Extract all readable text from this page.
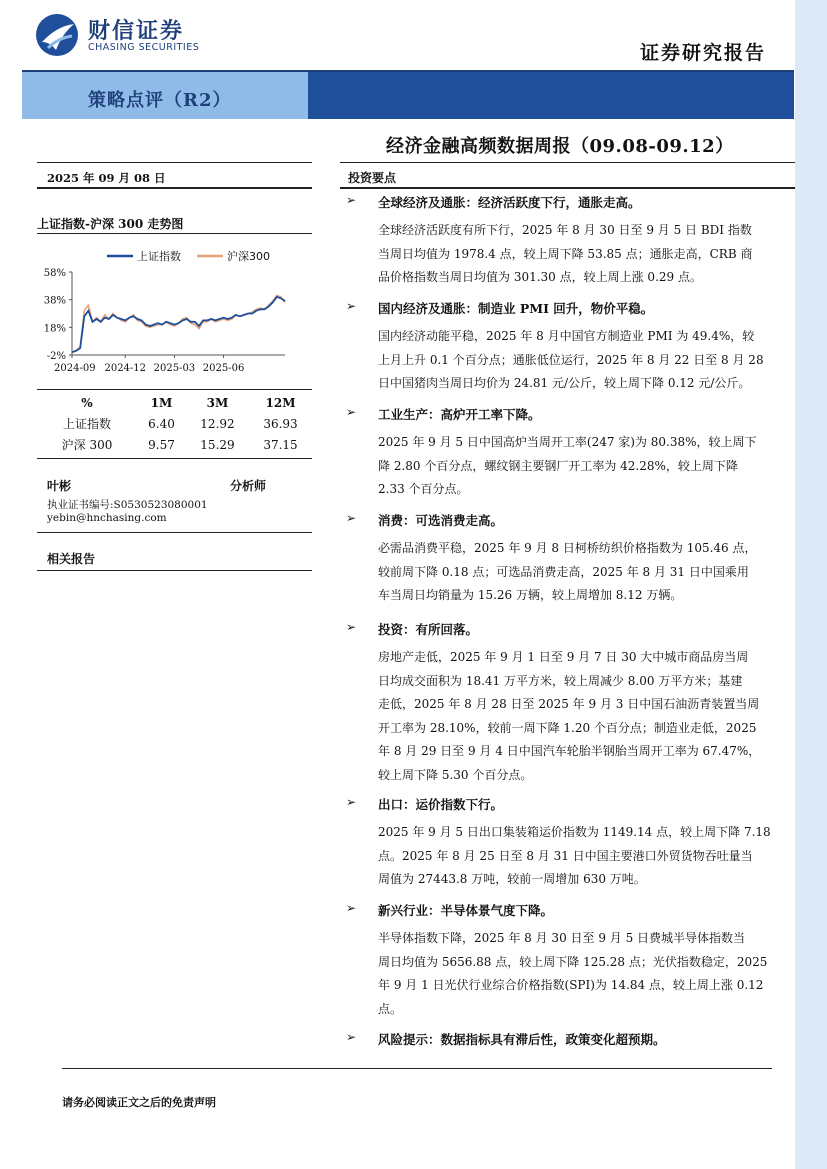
财信证券
CHASING SECURITIES	证券研究报告
策略点评（R2）
经济金融高频数据周报（09.08-09.12）
2025 年 09 月 08 日
上证指数-沪深 300 走势图
58%
38%
18%
-2%
2024-09 2024-12 2025-03 2025-06
上证指数	沪深300
%	1M	3M	12M
上证指数	6.40	12.92	36.93
沪深 300	9.57	15.29	37.15
叶彬	分析师
执业证书编号:S0530523080001
yebin@hnchasing.com
相关报告
投资要点
➢ 全球经济及通胀：经济活跃度下行，通胀走高。
全球经济活跃度有所下行，2025 年 8 月 30 日至 9 月 5 日 BDI 指数
当周日均值为 1978.4 点，较上周下降 53.85 点；通胀走高，CRB 商
品价格指数当周日均值为 301.30 点，较上周上涨 0.29 点。
➢ 国内经济及通胀：制造业 PMI 回升，物价平稳。
国内经济动能平稳，2025 年 8 月中国官方制造业 PMI 为 49.4%，较
上月上升 0.1 个百分点；通胀低位运行，2025 年 8 月 22 日至 8 月 28
日中国猪肉当周日均价为 24.81 元/公斤，较上周下降 0.12 元/公斤。
➢ 工业生产：高炉开工率下降。
2025 年 9 月 5 日中国高炉当周开工率(247 家)为 80.38%，较上周下
降 2.80 个百分点，螺纹钢主要钢厂开工率为 42.28%，较上周下降
2.33 个百分点。
➢ 消费：可选消费走高。
必需品消费平稳，2025 年 9 月 8 日柯桥纺织价格指数为 105.46 点，
较前周下降 0.18 点；可选品消费走高，2025 年 8 月 31 日中国乘用
车当周日均销量为 15.26 万辆，较上周增加 8.12 万辆。
➢ 投资：有所回落。
房地产走低，2025 年 9 月 1 日至 9 月 7 日 30 大中城市商品房当周
日均成交面积为 18.41 万平方米，较上周减少 8.00 万平方米；基建
走低，2025 年 8 月 28 日至 2025 年 9 月 3 日中国石油沥青装置当周
开工率为 28.10%，较前一周下降 1.20 个百分点；制造业走低，2025
年 8 月 29 日至 9 月 4 日中国汽车轮胎半钢胎当周开工率为 67.47%，
较上周下降 5.30 个百分点。
➢ 出口：运价指数下行。
2025 年 9 月 5 日出口集装箱运价指数为 1149.14 点，较上周下降 7.18
点。2025 年 8 月 25 日至 8 月 31 日中国主要港口外贸货物吞吐量当
周值为 27443.8 万吨，较前一周增加 630 万吨。
➢ 新兴行业：半导体景气度下降。
半导体指数下降，2025 年 8 月 30 日至 9 月 5 日费城半导体指数当
周日均值为 5656.88 点，较上周下降 125.28 点；光伏指数稳定，2025
年 9 月 1 日光伏行业综合价格指数(SPI)为 14.84 点，较上周上涨 0.12
点。
➢ 风险提示：数据指标具有滞后性，政策变化超预期。
请务必阅读正文之后的免责声明
